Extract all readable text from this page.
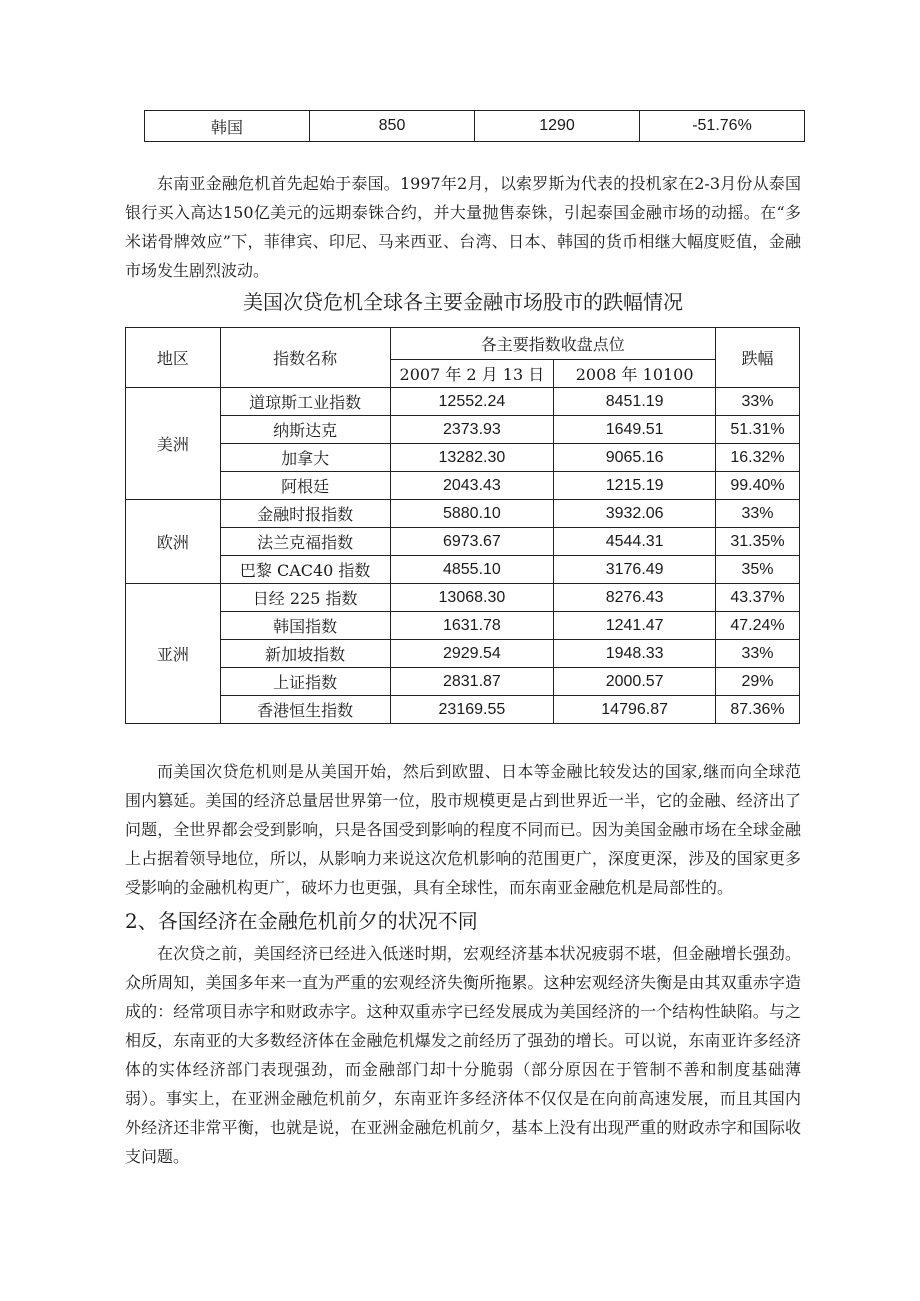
韩国	850	1290	-51.76%

东南亚金融危机首先起始于泰国。1997年2月，以索罗斯为代表的投机家在2-3月份从泰国银行买入高达150亿美元的远期泰铢合约，并大量抛售泰铢，引起泰国金融市场的动摇。在“多米诺骨牌效应”下，菲律宾、印尼、马来西亚、台湾、日本、韩国的货币相继大幅度贬值，金融市场发生剧烈波动。

美国次贷危机全球各主要金融市场股市的跌幅情况
地区	指数名称	各主要指数收盘点位		跌幅
		2007 年 2 月 13 日	2008 年 10100	
美洲	道琼斯工业指数	12552.24	8451.19	33%
	纳斯达克	2373.93	1649.51	51.31%
	加拿大	13282.30	9065.16	16.32%
	阿根廷	2043.43	1215.19	99.40%
欧洲	金融时报指数	5880.10	3932.06	33%
	法兰克福指数	6973.67	4544.31	31.35%
	巴黎 CAC40 指数	4855.10	3176.49	35%
亚洲	日经 225 指数	13068.30	8276.43	43.37%
	韩国指数	1631.78	1241.47	47.24%
	新加坡指数	2929.54	1948.33	33%
	上证指数	2831.87	2000.57	29%
	香港恒生指数	23169.55	14796.87	87.36%

而美国次贷危机则是从美国开始，然后到欧盟、日本等金融比较发达的国家,继而向全球范围内篡延。美国的经济总量居世界第一位，股市规模更是占到世界近一半，它的金融、经济出了问题，全世界都会受到影响，只是各国受到影响的程度不同而已。因为美国金融市场在全球金融上占据着领导地位，所以，从影响力来说这次危机影响的范围更广，深度更深，涉及的国家更多受影响的金融机构更广，破坏力也更强，具有全球性，而东南亚金融危机是局部性的。

2、各国经济在金融危机前夕的状况不同

在次贷之前，美国经济已经进入低迷时期，宏观经济基本状况疲弱不堪，但金融增长强劲。众所周知，美国多年来一直为严重的宏观经济失衡所拖累。这种宏观经济失衡是由其双重赤字造成的：经常项目赤字和财政赤字。这种双重赤字已经发展成为美国经济的一个结构性缺陷。与之相反，东南亚的大多数经济体在金融危机爆发之前经历了强劲的增长。可以说，东南亚许多经济体的实体经济部门表现强劲，而金融部门却十分脆弱（部分原因在于管制不善和制度基础薄弱）。事实上，在亚洲金融危机前夕，东南亚许多经济体不仅仅是在向前高速发展，而且其国内外经济还非常平衡，也就是说，在亚洲金融危机前夕，基本上没有出现严重的财政赤字和国际收支问题。
